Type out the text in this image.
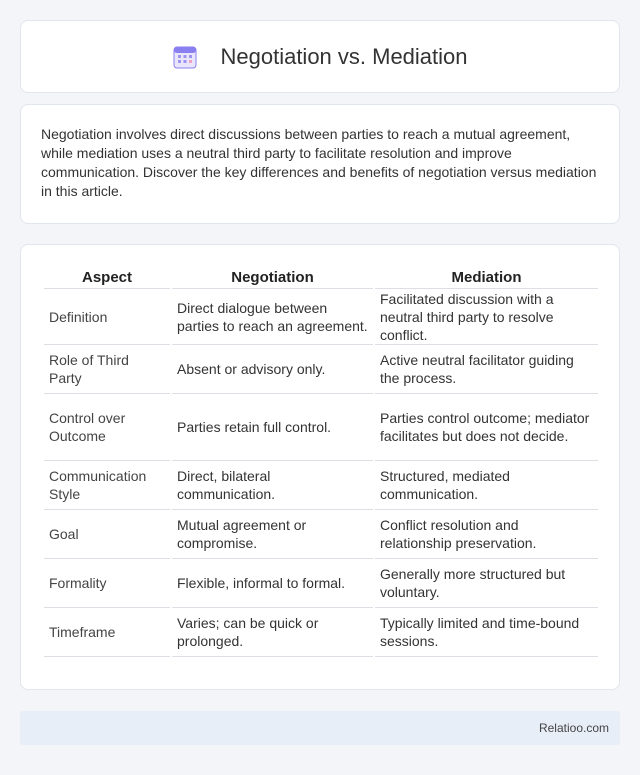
Negotiation vs. Mediation

Negotiation involves direct discussions between parties to reach a mutual agreement, while mediation uses a neutral third party to facilitate resolution and improve communication. Discover the key differences and benefits of negotiation versus mediation in this article.

Aspect	Negotiation	Mediation
Definition	Direct dialogue between parties to reach an agreement.	Facilitated discussion with a neutral third party to resolve conflict.
Role of Third Party	Absent or advisory only.	Active neutral facilitator guiding the process.
Control over Outcome	Parties retain full control.	Parties control outcome; mediator facilitates but does not decide.
Communication Style	Direct, bilateral communication.	Structured, mediated communication.
Goal	Mutual agreement or compromise.	Conflict resolution and relationship preservation.
Formality	Flexible, informal to formal.	Generally more structured but voluntary.
Timeframe	Varies; can be quick or prolonged.	Typically limited and time-bound sessions.
Relatioo.com
